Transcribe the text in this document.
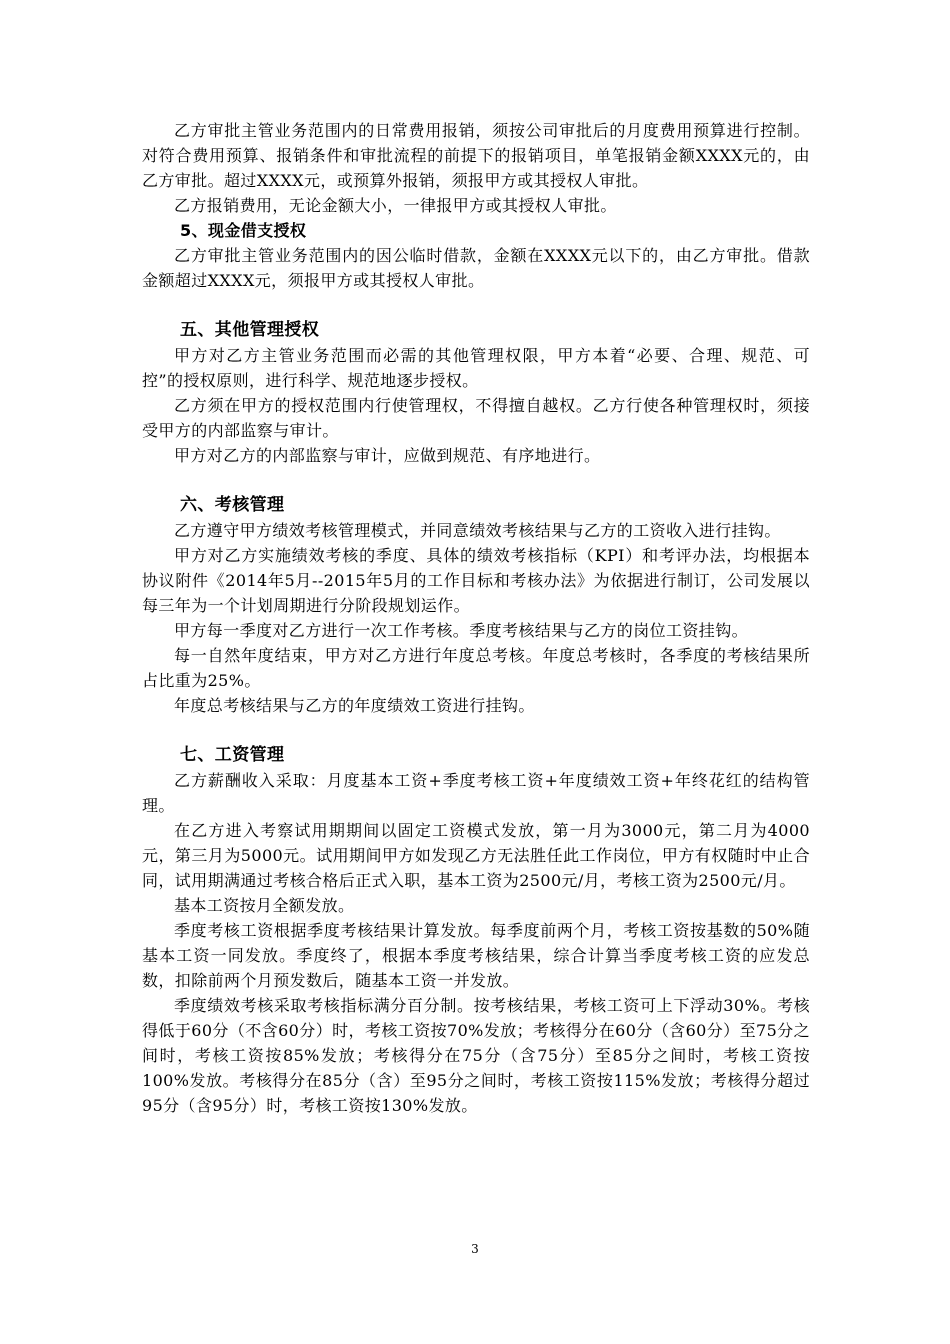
乙方审批主管业务范围内的日常费用报销，须按公司审批后的月度费用预算进行控制。对符合费用预算、报销条件和审批流程的前提下的报销项目，单笔报销金额XXXX元的，由乙方审批。超过XXXX元，或预算外报销，须报甲方或其授权人审批。

乙方报销费用，无论金额大小，一律报甲方或其授权人审批。

5、现金借支授权

乙方审批主管业务范围内的因公临时借款，金额在XXXX元以下的，由乙方审批。借款金额超过XXXX元，须报甲方或其授权人审批。

五、其他管理授权

甲方对乙方主管业务范围而必需的其他管理权限，甲方本着“必要、合理、规范、可控”的授权原则，进行科学、规范地逐步授权。

乙方须在甲方的授权范围内行使管理权，不得擅自越权。乙方行使各种管理权时，须接受甲方的内部监察与审计。

甲方对乙方的内部监察与审计，应做到规范、有序地进行。

六、考核管理

乙方遵守甲方绩效考核管理模式，并同意绩效考核结果与乙方的工资收入进行挂钩。

甲方对乙方实施绩效考核的季度、具体的绩效考核指标（KPI）和考评办法，均根据本协议附件《2014年5月--2015年5月的工作目标和考核办法》为依据进行制订，公司发展以每三年为一个计划周期进行分阶段规划运作。

甲方每一季度对乙方进行一次工作考核。季度考核结果与乙方的岗位工资挂钩。

每一自然年度结束，甲方对乙方进行年度总考核。年度总考核时，各季度的考核结果所占比重为25%。

年度总考核结果与乙方的年度绩效工资进行挂钩。

七、工资管理

乙方薪酬收入采取：月度基本工资+季度考核工资+年度绩效工资+年终花红的结构管理。

在乙方进入考察试用期期间以固定工资模式发放，第一月为3000元，第二月为4000元，第三月为5000元。试用期间甲方如发现乙方无法胜任此工作岗位，甲方有权随时中止合同，试用期满通过考核合格后正式入职，基本工资为2500元/月，考核工资为2500元/月。

基本工资按月全额发放。

季度考核工资根据季度考核结果计算发放。每季度前两个月，考核工资按基数的50%随基本工资一同发放。季度终了，根据本季度考核结果，综合计算当季度考核工资的应发总数，扣除前两个月预发数后，随基本工资一并发放。

季度绩效考核采取考核指标满分百分制。按考核结果，考核工资可上下浮动30%。考核得低于60分（不含60分）时，考核工资按70%发放；考核得分在60分（含60分）至75分之间时，考核工资按85%发放；考核得分在75分（含75分）至85分之间时，考核工资按100%发放。考核得分在85分（含）至95分之间时，考核工资按115%发放；考核得分超过95分（含95分）时，考核工资按130%发放。

3
